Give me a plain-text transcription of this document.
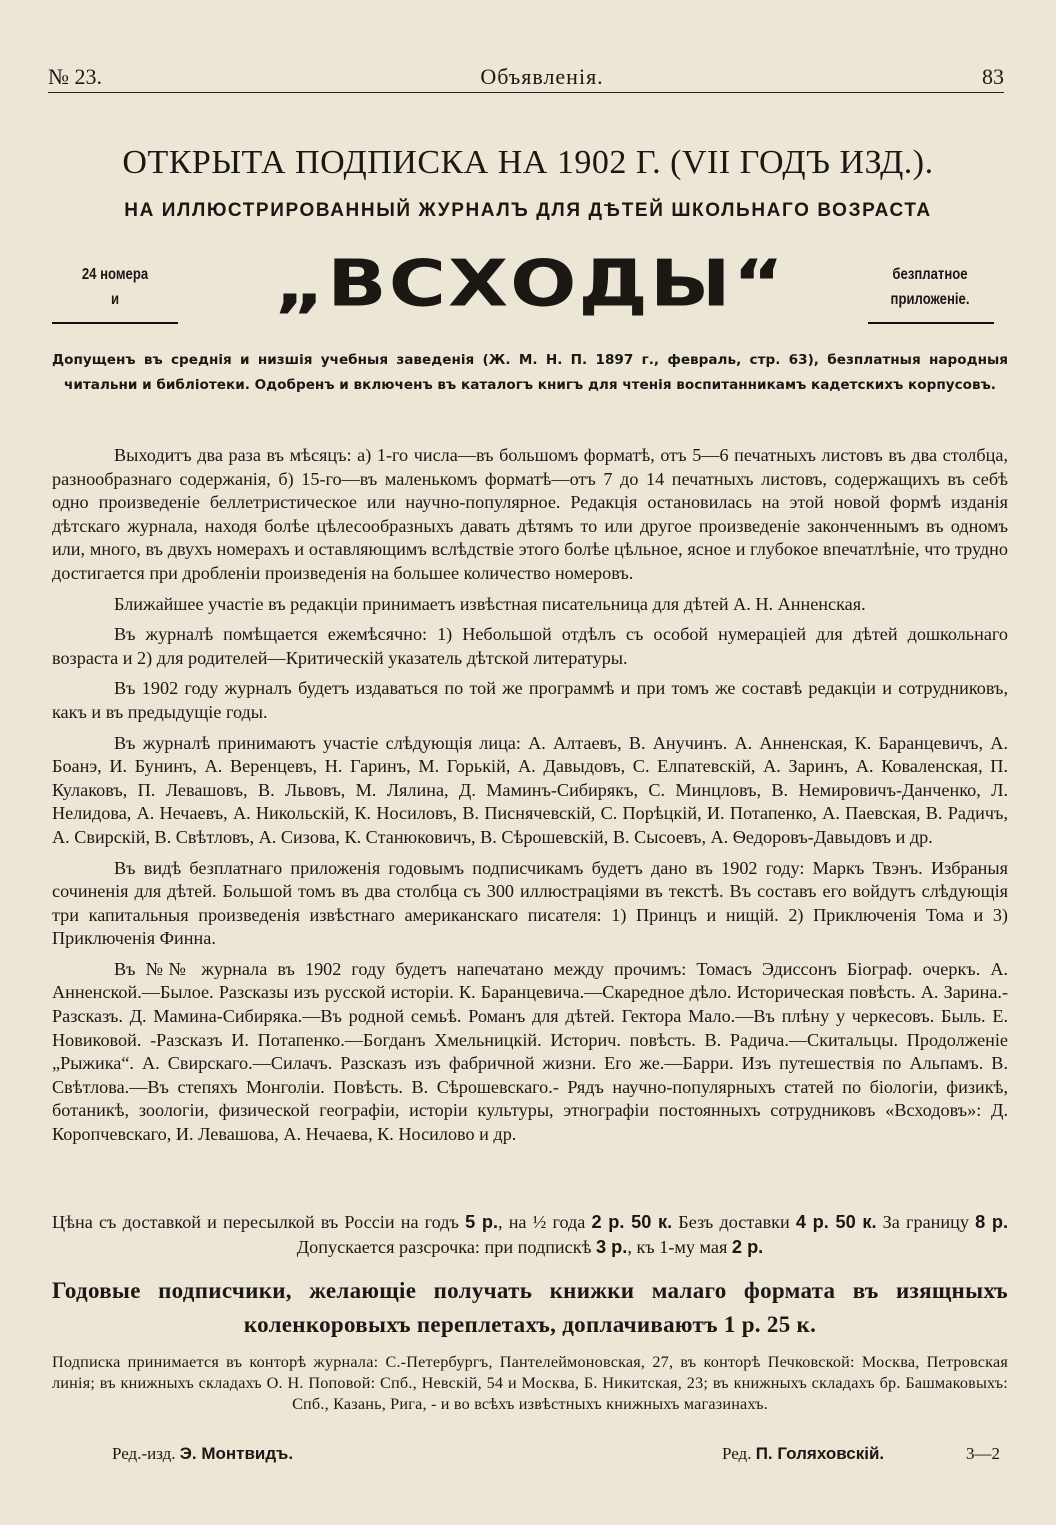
№ 23.	Объявленія.	83
ОТКРЫТА ПОДПИСКА НА 1902 Г. (VII ГОДЪ ИЗД.).
НА ИЛЛЮСТРИРОВАННЫЙ ЖУРНАЛЪ ДЛЯ ДѢТЕЙ ШКОЛЬНАГО ВОЗРАСТА
24 номера
и	„ВСХОДЫ“	безплатное
приложеніе.
Допущенъ въ среднія и низшія учебныя заведенія (Ж. М. Н. П. 1897 г., февраль, стр. 63), безплатныя народныя читальни и библіотеки. Одобренъ и включенъ въ каталогъ книгъ для чтенія воспитанникамъ кадетскихъ корпусовъ.

Выходитъ два раза въ мѣсяцъ: а) 1-го числа—въ большомъ форматѣ, отъ 5—6 печатныхъ листовъ въ два столбца, разнообразнаго содержанія, б) 15-го—въ маленькомъ форматѣ—отъ 7 до 14 печатныхъ листовъ, содержащихъ въ себѣ одно произведеніе беллетристическое или научно-популярное. Редакція остановилась на этой новой формѣ изданія дѣтскаго журнала, находя болѣе цѣлесообразныхъ давать дѣтямъ то или другое произведеніе законченнымъ въ одномъ или, много, въ двухъ номерахъ и оставляющимъ вслѣдствіе этого болѣе цѣльное, ясное и глубокое впечатлѣніе, что трудно достигается при дробленіи произведенія на большее количество номеровъ.

Ближайшее участіе въ редакціи принимаетъ извѣстная писательница для дѣтей А. Н. Анненская.

Въ журналѣ помѣщается ежемѣсячно: 1) Небольшой отдѣлъ съ особой нумераціей для дѣтей дошкольнаго возраста и 2) для родителей—Критическій указатель дѣтской литературы.

Въ 1902 году журналъ будетъ издаваться по той же программѣ и при томъ же составѣ редакціи и сотрудниковъ, какъ и въ предыдущіе годы.

Въ журналѣ принимаютъ участіе слѣдующія лица: А. Алтаевъ, В. Анучинъ. А. Анненская, К. Баранцевичъ, А. Боанэ, И. Бунинъ, А. Веренцевъ, Н. Гаринъ, М. Горькій, А. Давыдовъ, С. Елпатевскій, А. Заринъ, А. Коваленская, П. Кулаковъ, П. Левашовъ, В. Львовъ, М. Лялина, Д. Маминъ-Сибирякъ, С. Минцловъ, В. Немировичъ-Данченко, Л. Нелидова, А. Нечаевъ, А. Никольскій, К. Носиловъ, В. Писнячевскій, С. Порѣцкій, И. Потапенко, А. Паевская, В. Радичъ, А. Свирскій, В. Свѣтловъ, А. Сизова, К. Станюковичъ, В. Сѣрошевскій, В. Сысоевъ, А. Ѳедоровъ-Давыдовъ и др.

Въ видѣ безплатнаго приложенія годовымъ подписчикамъ будетъ дано въ 1902 году: Маркъ Твэнъ. Избраныя сочиненія для дѣтей. Большой томъ въ два столбца съ 300 иллюстраціями въ текстѣ. Въ составъ его войдутъ слѣдующія три капитальныя произведенія извѣстнаго американскаго писателя: 1) Принцъ и нищій. 2) Приключенія Тома и 3) Приключенія Финна.

Въ №№ журнала въ 1902 году будетъ напечатано между прочимъ: Томасъ Эдиссонъ Біограф. очеркъ. А. Анненской.—Былое. Разсказы изъ русской исторіи. К. Баранцевича.—Скаредное дѣло. Историческая повѣсть. А. Зарина.- Разсказъ. Д. Мамина-Сибиряка.—Въ родной семьѣ. Романъ для дѣтей. Гектора Мало.—Въ плѣну у черкесовъ. Быль. Е. Новиковой. -Разсказъ И. Потапенко.—Богданъ Хмельницкій. Историч. повѣсть. В. Радича.—Скитальцы. Продолженіе „Рыжика“. А. Свирскаго.—Силачъ. Разсказъ изъ фабричной жизни. Его же.—Барри. Изъ путешествія по Альпамъ. В. Свѣтлова.—Въ степяхъ Монголіи. Повѣсть. В. Сѣрошевскаго.- Рядъ научно-популярныхъ статей по біологіи, физикѣ, ботаникѣ, зоологіи, физической географіи, исторіи культуры, этнографіи постоянныхъ сотрудниковъ «Всходовъ»: Д. Коропчевскаго, И. Левашова, А. Нечаева, К. Носилово и др.

Цѣна съ доставкой и пересылкой въ Россіи на годъ 5 р., на ½ года 2 р. 50 к. Безъ доставки 4 р. 50 к. За границу 8 р. Допускается разсрочка: при подпискѣ 3 р., къ 1-му мая 2 р.
Годовые подписчики, желающіе получать книжки малаго формата въ изящныхъ коленкоровыхъ переплетахъ, доплачиваютъ 1 р. 25 к.
Подписка принимается въ конторѣ журнала: С.-Петербургъ, Пантелеймоновская, 27, въ конторѣ Печковской: Москва, Петровская линія; въ книжныхъ складахъ О. Н. Поповой: Спб., Невскій, 54 и Москва, Б. Никитская, 23; въ книжныхъ складахъ бр. Башмаковыхъ: Спб., Казань, Рига, - и во всѣхъ извѣстныхъ книжныхъ магазинахъ.
Ред.-изд. Э. Монтвидъ.	Ред. П. Голяховскій.	3—2
